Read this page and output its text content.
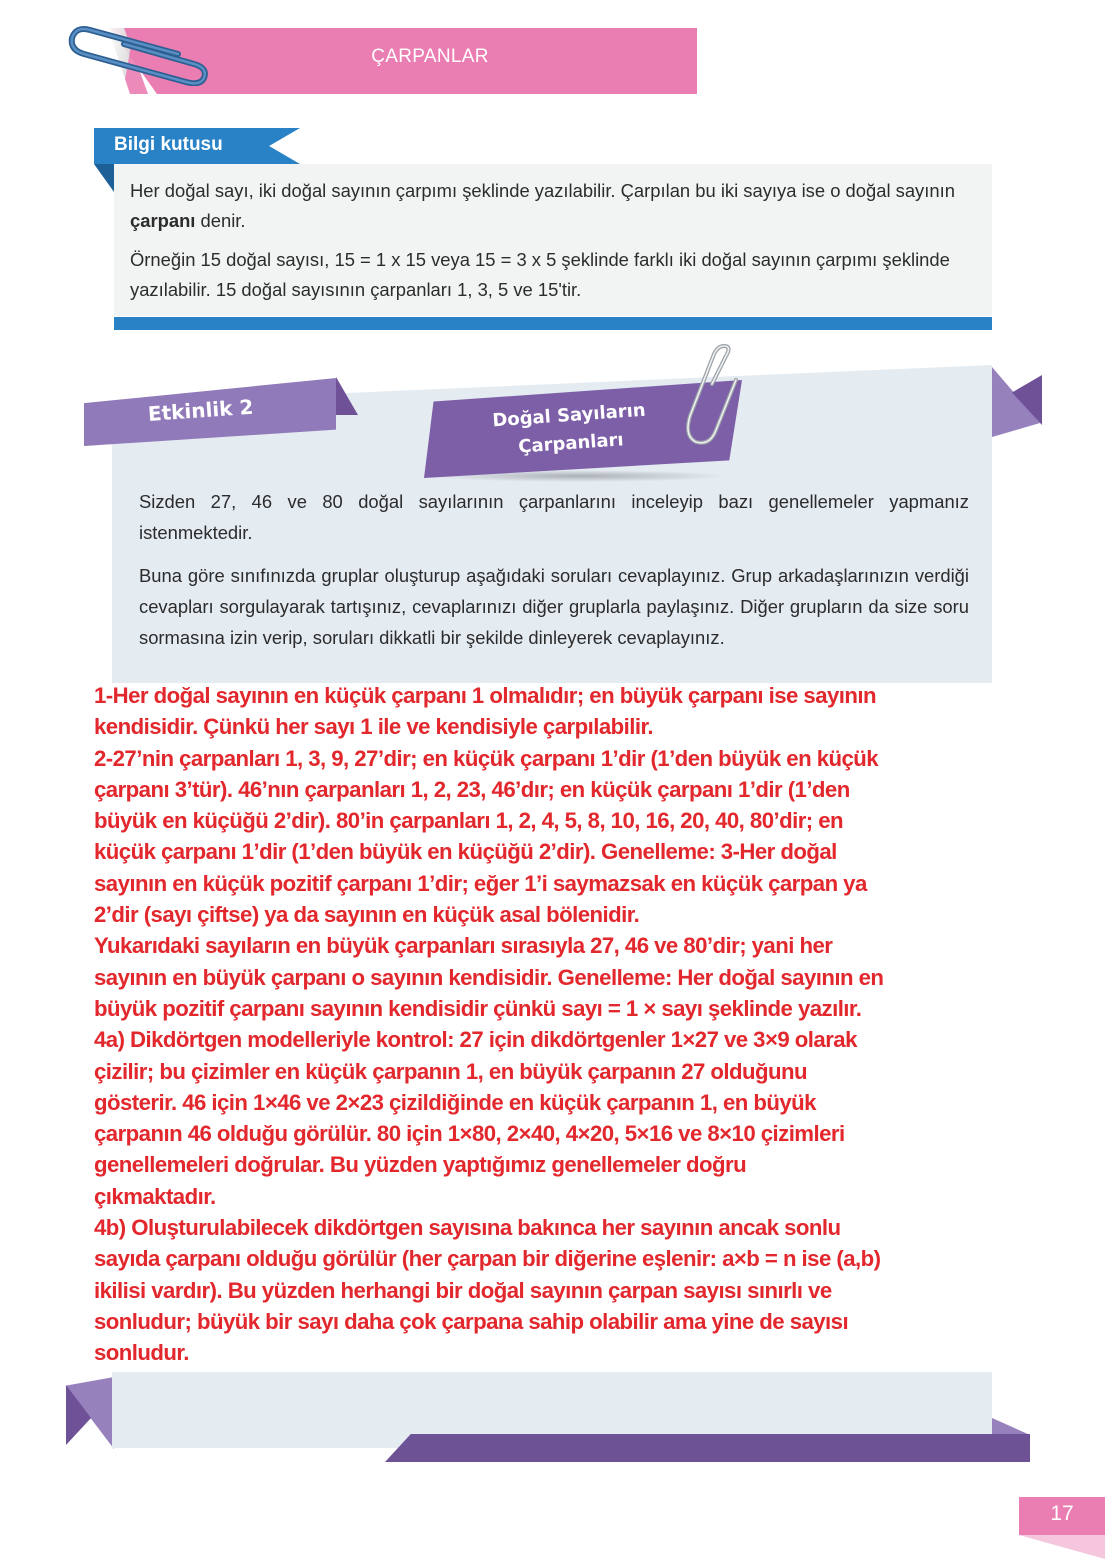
ÇARPANLAR
Bilgi kutusu

Her doğal sayı, iki doğal sayının çarpımı şeklinde yazılabilir. Çarpılan bu iki sayıya ise o doğal sayının çarpanı denir.

Örneğin 15 doğal sayısı, 15 = 1 x 15 veya 15 = 3 x 5 şeklinde farklı iki doğal sayının çarpımı şeklinde yazılabilir. 15 doğal sayısının çarpanları 1, 3, 5 ve 15'tir.

Etkinlik 2	Doğal Sayıların Çarpanları

Sizden 27, 46 ve 80 doğal sayılarının çarpanlarını inceleyip bazı genellemeler yapmanız istenmektedir.

Buna göre sınıfınızda gruplar oluşturup aşağıdaki soruları cevaplayınız. Grup arkadaşlarınızın verdiği cevapları sorgulayarak tartışınız, cevaplarınızı diğer gruplarla paylaşınız. Diğer grupların da size soru sormasına izin verip, soruları dikkatli bir şekilde dinleyerek cevaplayınız.

1-Her doğal sayının en küçük çarpanı 1 olmalıdır; en büyük çarpanı ise sayının

kendisidir. Çünkü her sayı 1 ile ve kendisiyle çarpılabilir.

2-27’nin çarpanları 1, 3, 9, 27’dir; en küçük çarpanı 1’dir (1’den büyük en küçük

çarpanı 3’tür). 46’nın çarpanları 1, 2, 23, 46’dır; en küçük çarpanı 1’dir (1’den

büyük en küçüğü 2’dir). 80’in çarpanları 1, 2, 4, 5, 8, 10, 16, 20, 40, 80’dir; en

küçük çarpanı 1’dir (1’den büyük en küçüğü 2’dir). Genelleme: 3-Her doğal

sayının en küçük pozitif çarpanı 1’dir; eğer 1’i saymazsak en küçük çarpan ya

2’dir (sayı çiftse) ya da sayının en küçük asal bölenidir.

Yukarıdaki sayıların en büyük çarpanları sırasıyla 27, 46 ve 80’dir; yani her

sayının en büyük çarpanı o sayının kendisidir. Genelleme: Her doğal sayının en

büyük pozitif çarpanı sayının kendisidir çünkü sayı = 1 × sayı şeklinde yazılır.

4a) Dikdörtgen modelleriyle kontrol: 27 için dikdörtgenler 1×27 ve 3×9 olarak

çizilir; bu çizimler en küçük çarpanın 1, en büyük çarpanın 27 olduğunu

gösterir. 46 için 1×46 ve 2×23 çizildiğinde en küçük çarpanın 1, en büyük

çarpanın 46 olduğu görülür. 80 için 1×80, 2×40, 4×20, 5×16 ve 8×10 çizimleri

genellemeleri doğrular. Bu yüzden yaptığımız genellemeler doğru

çıkmaktadır.

4b) Oluşturulabilecek dikdörtgen sayısına bakınca her sayının ancak sonlu

sayıda çarpanı olduğu görülür (her çarpan bir diğerine eşlenir: a×b = n ise (a,b)

ikilisi vardır). Bu yüzden herhangi bir doğal sayının çarpan sayısı sınırlı ve

sonludur; büyük bir sayı daha çok çarpana sahip olabilir ama yine de sayısı

sonludur.

17
